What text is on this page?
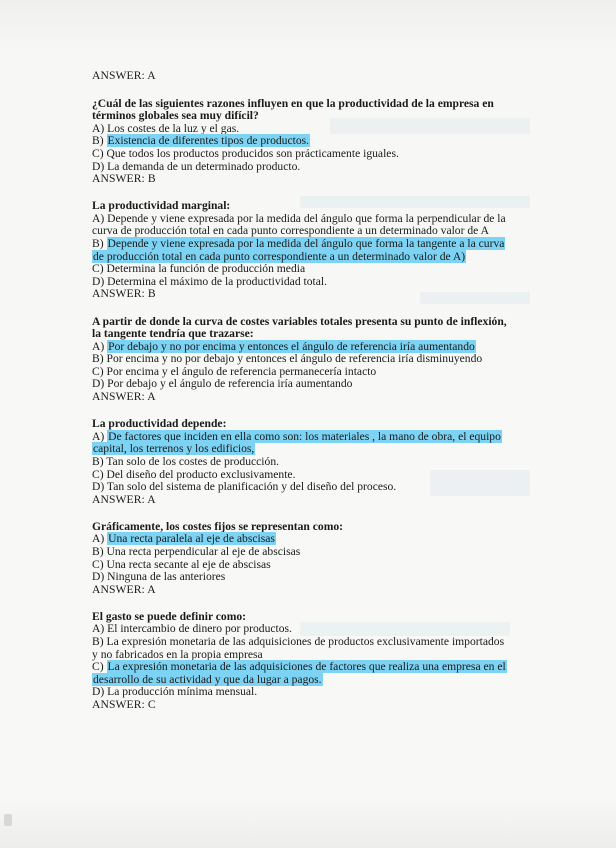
ANSWER: A
¿Cuál de las siguientes razones influyen en que la productividad de la empresa en términos globales sea muy difícil?
A) Los costes de la luz y el gas.
B) Existencia de diferentes tipos de productos.
C) Que todos los productos producidos son prácticamente iguales.
D) La demanda de un determinado producto.
ANSWER: B
La productividad marginal:
A) Depende y viene expresada por la medida del ángulo que forma la perpendicular de la curva de producción total en cada punto correspondiente a un determinado valor de A
B) Depende y viene expresada por la medida del ángulo que forma la tangente a la curva de producción total en cada punto correspondiente a un determinado valor de A)
C) Determina la función de producción media
D) Determina el máximo de la productividad total.
ANSWER: B
A partir de donde la curva de costes variables totales presenta su punto de inflexión, la tangente tendría que trazarse:
A) Por debajo y no por encima y entonces el ángulo de referencia iría aumentando
B) Por encima y no por debajo y entonces el ángulo de referencia iría disminuyendo
C) Por encima y el ángulo de referencia permanecería intacto
D) Por debajo y el ángulo de referencia iría aumentando
ANSWER: A
La productividad depende:
A) De factores que inciden en ella como son: los materiales , la mano de obra, el equipo capital, los terrenos y los edificios,
B) Tan solo de los costes de producción.
C) Del diseño del producto exclusivamente.
D) Tan solo del sistema de planificación y del diseño del proceso.
ANSWER: A
Gráficamente, los costes fijos se representan como:
A) Una recta paralela al eje de abscisas
B) Una recta perpendicular al eje de abscisas
C) Una recta secante al eje de abscisas
D) Ninguna de las anteriores
ANSWER: A
El gasto se puede definir como:
A) El intercambio de dinero por productos.
B) La expresión monetaria de las adquisiciones de productos exclusivamente importados y no fabricados en la propia empresa
C) La expresión monetaria de las adquisiciones de factores que realiza una empresa en el desarrollo de su actividad y que da lugar a pagos.
D) La producción mínima mensual.
ANSWER: C
